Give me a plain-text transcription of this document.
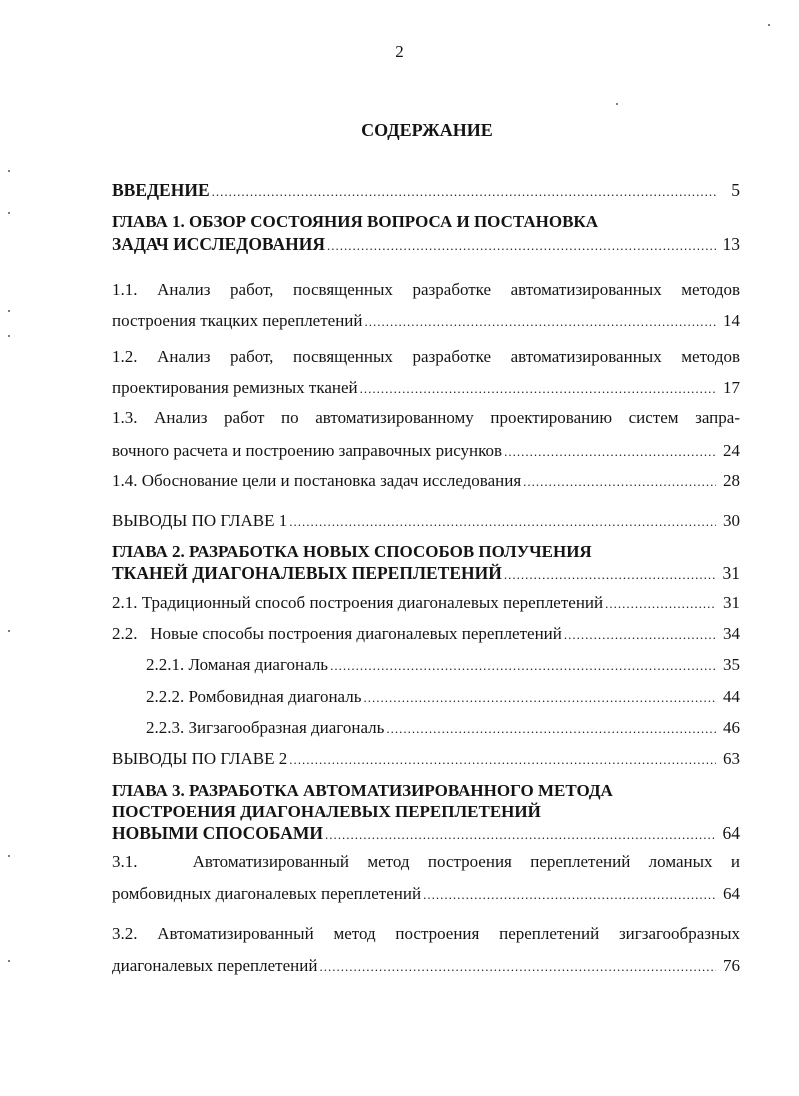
2
СОДЕРЖАНИЕ
ВВЕДЕНИЕ .....	5
ГЛАВА 1. ОБЗОР СОСТОЯНИЯ ВОПРОСА И ПОСТАНОВКА
ЗАДАЧ ИССЛЕДОВАНИЯ .....	13
1.1. Анализ работ, посвященных разработке автоматизированных методов
построения ткацких переплетений .....	14
1.2. Анализ работ, посвященных разработке автоматизированных методов
проектирования ремизных тканей .....	17
1.3. Анализ работ по автоматизированному проектированию систем запра-
вочного расчета и построению заправочных рисунков .....	24
1.4. Обоснование цели и постановка задач исследования .....	28
ВЫВОДЫ ПО ГЛАВЕ 1 .....	30
ГЛАВА 2. РАЗРАБОТКА НОВЫХ СПОСОБОВ ПОЛУЧЕНИЯ
ТКАНЕЙ ДИАГОНАЛЕВЫХ ПЕРЕПЛЕТЕНИЙ .....	31
2.1. Традиционный способ построения диагоналевых переплетений .....	31
2.2.   Новые способы построения диагоналевых переплетений .....	34
2.2.1. Ломаная диагональ .....	35
2.2.2. Ромбовидная диагональ .....	44
2.2.3. Зигзагообразная диагональ .....	46
ВЫВОДЫ ПО ГЛАВЕ 2 .....	63
ГЛАВА 3. РАЗРАБОТКА АВТОМАТИЗИРОВАННОГО МЕТОДА
ПОСТРОЕНИЯ ДИАГОНАЛЕВЫХ ПЕРЕПЛЕТЕНИЙ
НОВЫМИ СПОСОБАМИ .....	64
3.1.   Автоматизированный метод построения переплетений ломаных и
ромбовидных диагоналевых переплетений .....	64
3.2. Автоматизированный метод построения переплетений зигзагообразных
диагоналевых переплетений .....	76
